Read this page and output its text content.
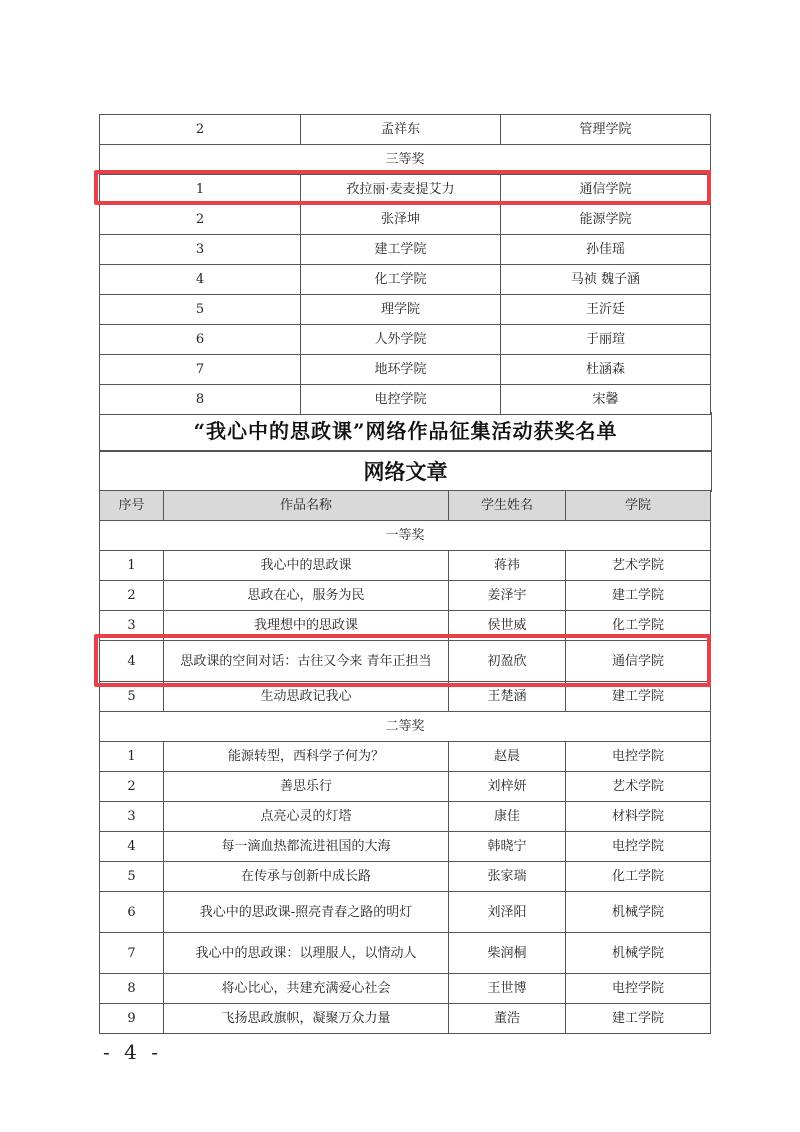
2	孟祥东	管理学院
三等奖		
1	孜拉丽·麦麦提艾力	通信学院
2	张泽坤	能源学院
3	建工学院	孙佳瑶
4	化工学院	马祯 魏子涵
5	理学院	王沂廷
6	人外学院	于丽瑄
7	地环学院	杜涵森
8	电控学院	宋馨
“我心中的思政课”网络作品征集活动获奖名单
网络文章
序号	作品名称	学生姓名	学院
一等奖			
1	我心中的思政课	蒋祎	艺术学院
2	思政在心，服务为民	姜泽宇	建工学院
3	我理想中的思政课	侯世威	化工学院
4	思政课的空间对话：古往又今来 青年正担当	初盈欣	通信学院
5	生动思政记我心	王楚涵	建工学院
二等奖			
1	能源转型，西科学子何为？	赵晨	电控学院
2	善思乐行	刘梓妍	艺术学院
3	点亮心灵的灯塔	康佳	材料学院
4	每一滴血热都流进祖国的大海	韩晓宁	电控学院
5	在传承与创新中成长路	张家瑞	化工学院
6	我心中的思政课-照亮青春之路的明灯	刘泽阳	机械学院
7	我心中的思政课：以理服人，以情动人	柴润桐	机械学院
8	将心比心，共建充满爱心社会	王世博	电控学院
9	飞扬思政旗帜，凝聚万众力量	董浩	建工学院
- 4 -
